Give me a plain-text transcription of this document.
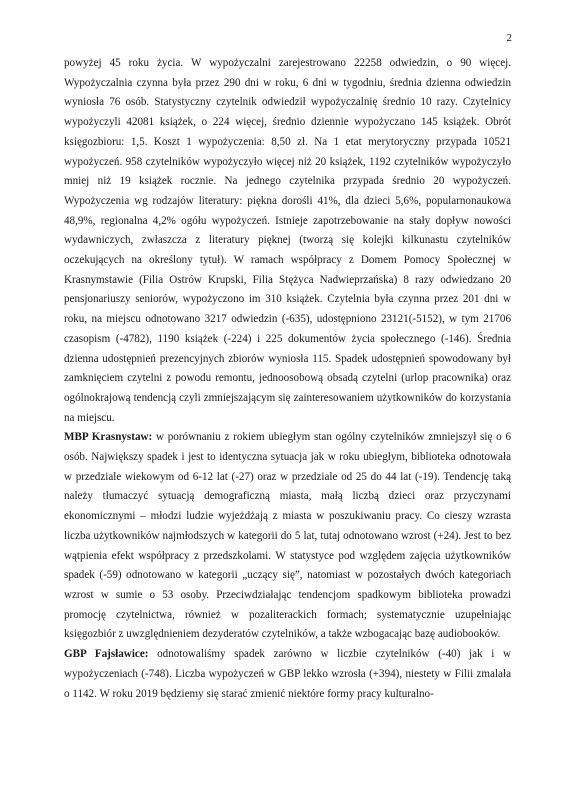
2

powyżej 45 roku życia. W wypożyczalni zarejestrowano 22258 odwiedzin, o 90 więcej. Wypożyczalnia czynna była przez 290 dni w roku, 6 dni w tygodniu, średnia dzienna odwiedzin wyniosła 76 osób. Statystyczny czytelnik odwiedził wypożyczalnię średnio 10 razy. Czytelnicy wypożyczyli 42081 książek, o 224 więcej, średnio dziennie wypożyczano 145 książek. Obrót księgozbioru: 1,5. Koszt 1 wypożyczenia: 8,50 zł. Na 1 etat merytoryczny przypada 10521 wypożyczeń. 958 czytelników wypożyczyło więcej niż 20 książek, 1192 czytelników wypożyczyło mniej niż 19 książek rocznie. Na jednego czytelnika przypada średnio 20 wypożyczeń. Wypożyczenia wg rodzajów literatury: piękna dorośli 41%, dla dzieci 5,6%, popularnonaukowa 48,9%, regionalna 4,2% ogółu wypożyczeń. Istnieje zapotrzebowanie na stały dopływ nowości wydawniczych, zwłaszcza z literatury pięknej (tworzą się kolejki kilkunastu czytelników oczekujących na określony tytuł). W ramach współpracy z Domem Pomocy Społecznej w Krasnymstawie (Filia Ostrów Krupski, Filia Stężyca Nadwieprzańska) 8 razy odwiedzano 20 pensjonariuszy seniorów, wypożyczono im 310 książek. Czytelnia była czynna przez 201 dni w roku, na miejscu odnotowano 3217 odwiedzin (-635), udostępniono 23121(-5152), w tym 21706 czasopism (-4782), 1190 książek (-224) i 225 dokumentów życia społecznego (-146). Średnia dzienna udostępnień prezencyjnych zbiorów wyniosła 115. Spadek udostępnień spowodowany był zamknięciem czytelni z powodu remontu, jednoosobową obsadą czytelni (urlop pracownika) oraz ogólnokrajową tendencją czyli zmniejszającym się zainteresowaniem użytkowników do korzystania na miejscu.

MBP Krasnystaw: w porównaniu z rokiem ubiegłym stan ogólny czytelników zmniejszył się o 6 osób. Największy spadek i jest to identyczna sytuacja jak w roku ubiegłym, biblioteka odnotowała w przedziale wiekowym od 6-12 lat (-27) oraz w przedziale od 25 do 44 lat (-19). Tendencję taką należy tłumaczyć sytuacją demograficzną miasta, małą liczbą dzieci oraz przyczynami ekonomicznymi – młodzi ludzie wyjeżdżają z miasta w poszukiwaniu pracy. Co cieszy wzrasta liczba użytkowników najmłodszych w kategorii do 5 lat, tutaj odnotowano wzrost (+24). Jest to bez wątpienia efekt współpracy z przedszkolami. W statystyce pod względem zajęcia użytkowników spadek (-59) odnotowano w kategorii „uczący się”, natomiast w pozostałych dwóch kategoriach wzrost w sumie o 53 osoby. Przeciwdziałając tendencjom spadkowym biblioteka prowadzi promocję czytelnictwa, również w pozaliterackich formach; systematycznie uzupełniając księgozbiór z uwzględnieniem dezyderatów czytelników, a także wzbogacając bazę audiobooków.

GBP Fajsławice: odnotowaliśmy spadek zarówno w liczbie czytelników (-40) jak i w wypożyczeniach (-748). Liczba wypożyczeń w GBP lekko wzrosła (+394), niestety w Filii zmalała o 1142. W roku 2019 będziemy się starać zmienić niektóre formy pracy kulturalno-
